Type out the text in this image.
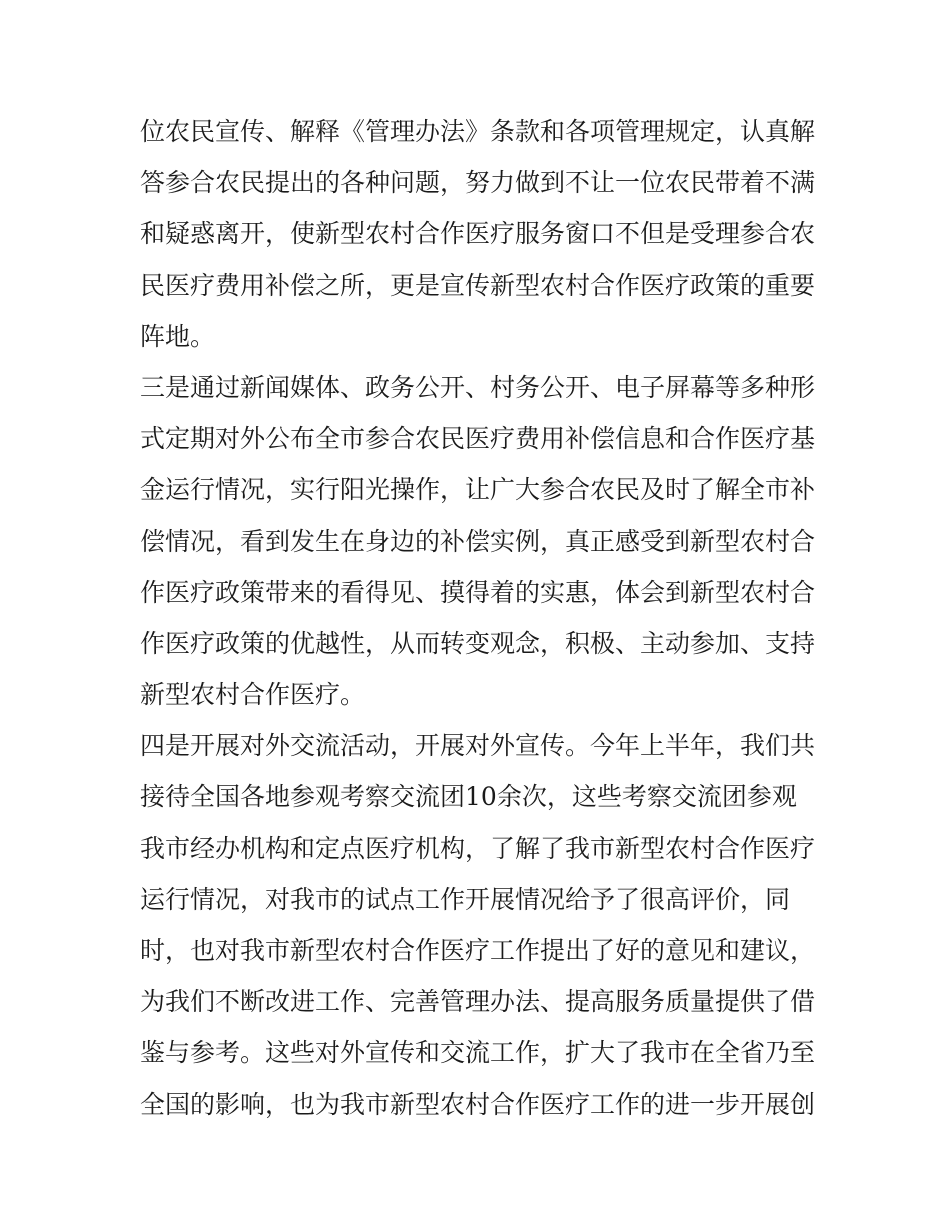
位农民宣传、解释《管理办法》条款和各项管理规定，认真解
答参合农民提出的各种问题，努力做到不让一位农民带着不满
和疑惑离开，使新型农村合作医疗服务窗口不但是受理参合农
民医疗费用补偿之所，更是宣传新型农村合作医疗政策的重要
阵地。
三是通过新闻媒体、政务公开、村务公开、电子屏幕等多种形
式定期对外公布全市参合农民医疗费用补偿信息和合作医疗基
金运行情况，实行阳光操作，让广大参合农民及时了解全市补
偿情况，看到发生在身边的补偿实例，真正感受到新型农村合
作医疗政策带来的看得见、摸得着的实惠，体会到新型农村合
作医疗政策的优越性，从而转变观念，积极、主动参加、支持
新型农村合作医疗。
四是开展对外交流活动，开展对外宣传。今年上半年，我们共
接待全国各地参观考察交流团10余次，这些考察交流团参观
我市经办机构和定点医疗机构，了解了我市新型农村合作医疗
运行情况，对我市的试点工作开展情况给予了很高评价，同
时，也对我市新型农村合作医疗工作提出了好的意见和建议，
为我们不断改进工作、完善管理办法、提高服务质量提供了借
鉴与参考。这些对外宣传和交流工作，扩大了我市在全省乃至
全国的影响，也为我市新型农村合作医疗工作的进一步开展创
